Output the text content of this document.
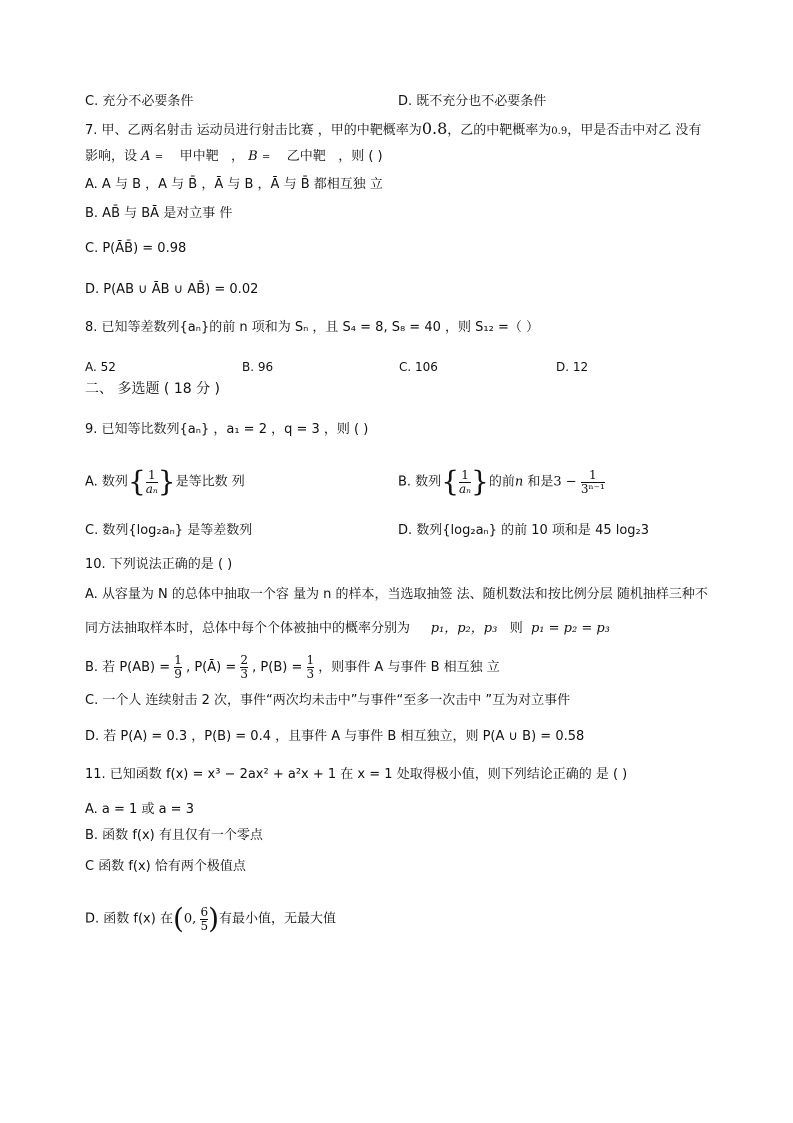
C. 充分不必要条件	D. 既不充分也不必要条件
7. 甲、乙两名射击 运动员进行射击比赛 ，甲的中靶概率为0.8，乙的中靶概率为0.9，甲是否击中对乙 没有
影响，设 A = 甲中靶   ， B = 乙中靶 ，则 ( )
A. A 与 B ，A 与 B̄ ，Ā 与 B ，Ā 与 B̄ 都相互独 立
B. AB̄ 与 BĀ 是对立事 件
C. P(ĀB̄) = 0.98
D. P(AB ∪ ĀB ∪ AB̄) = 0.02
8. 已知等差数列{aₙ}的前 n 项和为 Sₙ ，且 S₄ = 8, S₈ = 40 ，则 S₁₂ =（ ）
A. 52	B. 96	C. 106	D. 12
二、 多选题 ( 18 分 )
9. 已知等比数列{aₙ} ，a₁ = 2 ，q = 3 ，则 ( )
A. 数列{ $\frac{1}{\text{aₙ}}$ }是等比数 列	B. 数列{ $\frac{1}{\text{aₙ}}$ }的前n 和是$3 - \frac{1}{\text{3ⁿ⁻¹}}$
C. 数列{log₂aₙ} 是等差数列	D. 数列{log₂aₙ} 的前 10 项和是 45 log₂3
10. 下列说法正确的是 ( )
A. 从容量为 N 的总体中抽取一个容 量为 n 的样本，当选取抽签 法、随机数法和按比例分层 随机抽样三种不
同方法抽取样本时，总体中每个个体被抽中的概率分别为 p₁，p₂，p₃ 则 p₁ = p₂ = p₃
B. 若 $P(AB) = \frac{1}{9}$ , P(Ā) = $\frac{2}{3}$ , $P(B) = \frac{1}{3}$ ，则事件 A 与事件 B 相互独 立
C. 一个人 连续射击 2 次，事件“两次均未击中”与事件“至多一次击中 ”互为对立事件
D. 若 P(A) = 0.3 ，P(B) = 0.4 ，且事件 A 与事件 B 相互独立，则 P(A ∪ B) = 0.58
11. 已知函数 f(x) = x³ − 2ax² + a²x + 1 在 x = 1 处取得极小值，则下列结论正确的 是 ( )
A. a = 1 或 a = 3
B. 函数 f(x) 有且仅有一个零点
C 函数 f(x) 恰有两个极值点
D. 函数 f(x) 在(0, $\frac{6}{5}$ )有最小值，无最大值
